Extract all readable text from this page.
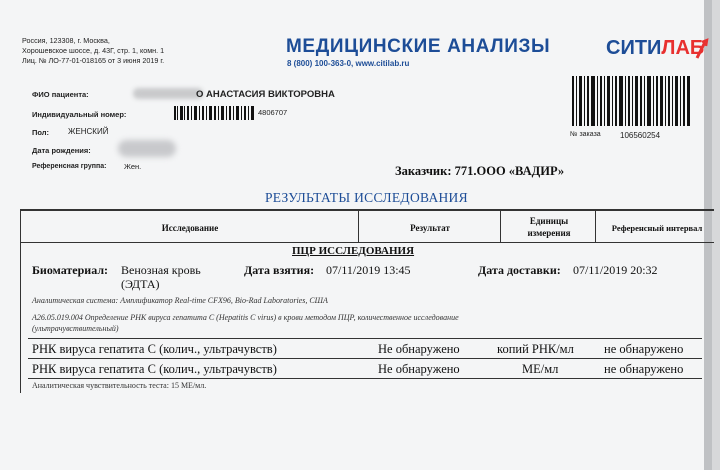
Россия, 123308, г. Москва,
Хорошевское шоссе, д. 43Г, стр. 1, комн. 1
Лиц. № ЛО-77-01-018165 от 3 июня 2019 г.
МЕДИЦИНСКИЕ АНАЛИЗЫ
8 (800) 100-363-0, www.citilab.ru
СИТИЛАБ
№ заказа 106560254
ФИО пациента:	О АНАСТАСИЯ ВИКТОРОВНА
Индивидуальный номер:	4806707
Пол: ЖЕНСКИЙ
Дата рождения:
Референсная группа: Жен.	Заказчик: 771.ООО «ВАДИР»
РЕЗУЛЬТАТЫ ИССЛЕДОВАНИЯ
Исследование	Результат
Единицы
измерения	Референсный интервал
ПЦР ИССЛЕДОВАНИЯ
Биоматериал: Венозная кровь
(ЭДТА)
Дата взятия: 07/11/2019 13:45	Дата доставки: 07/11/2019 20:32
Аналитическая система: Амплификатор Real-time CFX96, Bio-Rad Laboratories, США
А26.05.019.004 Определение РНК вируса гепатита С (Hepatitis C virus) в крови методом ПЦР, количественное исследование
(ультрачувствительный)
РНК вируса гепатита С (колич., ультрачувств)	Не обнаружено	копий РНК/мл не обнаружено
РНК вируса гепатита С (колич., ультрачувств)	Не обнаружено	МЕ/мл	не обнаружено
Аналитическая чувствительность теста: 15 МЕ/мл.
